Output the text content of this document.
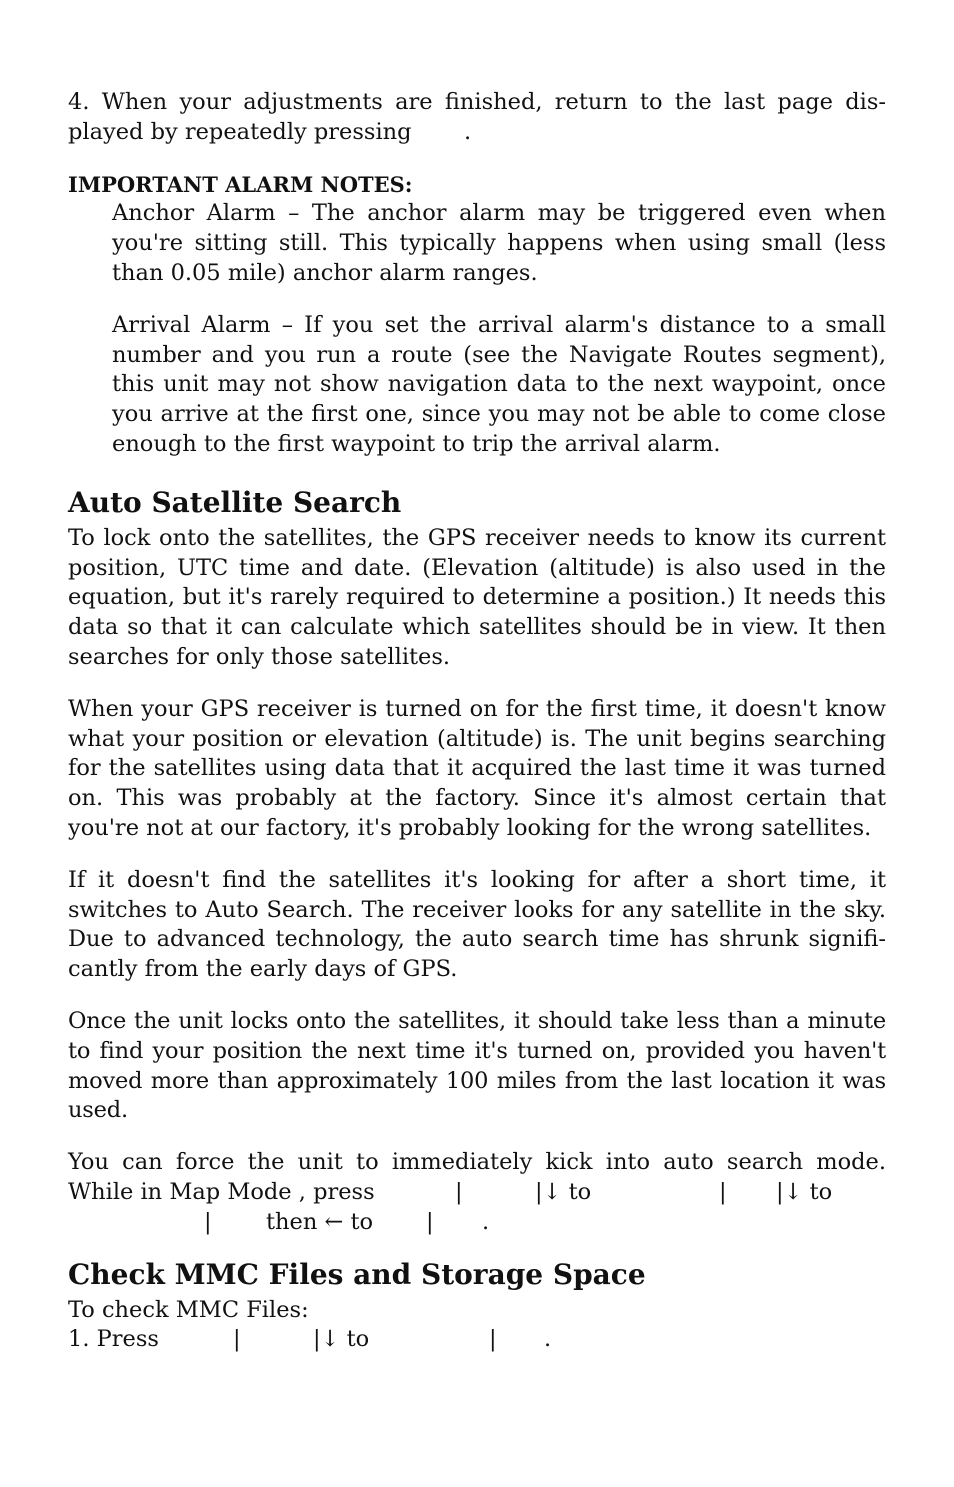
4. When your adjustments are finished, return to the last page dis-

played by repeatedly pressing .
IMPORTANT ALARM NOTES:

Anchor Alarm – The anchor alarm may be triggered even when you're sitting still. This typically happens when using small (less than 0.05 mile) anchor alarm ranges.

Arrival Alarm – If you set the arrival alarm's distance to a small number and you run a route (see the Navigate Routes segment), this unit may not show navigation data to the next waypoint, once you arrive at the first one, since you may not be able to come close enough to the first waypoint to trip the arrival alarm.

Auto Satellite Search

To lock onto the satellites, the GPS receiver needs to know its current position, UTC time and date. (Elevation (altitude) is also used in the equation, but it's rarely required to determine a position.) It needs this data so that it can calculate which satellites should be in view. It then searches for only those satellites.

When your GPS receiver is turned on for the first time, it doesn't know what your position or elevation (altitude) is. The unit begins searching for the satellites using data that it acquired the last time it was turned on. This was probably at the factory. Since it's almost certain that you're not at our factory, it's probably looking for the wrong satellites.

If it doesn't find the satellites it's looking for after a short time, it switches to Auto Search. The receiver looks for any satellite in the sky. Due to advanced technology, the auto search time has shrunk signifi-cantly from the early days of GPS.

Once the unit locks onto the satellites, it should take less than a minute to find your position the next time it's turned on, provided you haven't moved more than approximately 100 miles from the last location it was used.

You can force the unit to immediately kick into auto search mode.

While in Map Mode , press	|	|↓ to	| |↓ to
| then ← to | .
Check MMC Files and Storage Space

To check MMC Files:

1. Press	|	|↓ to	| .
